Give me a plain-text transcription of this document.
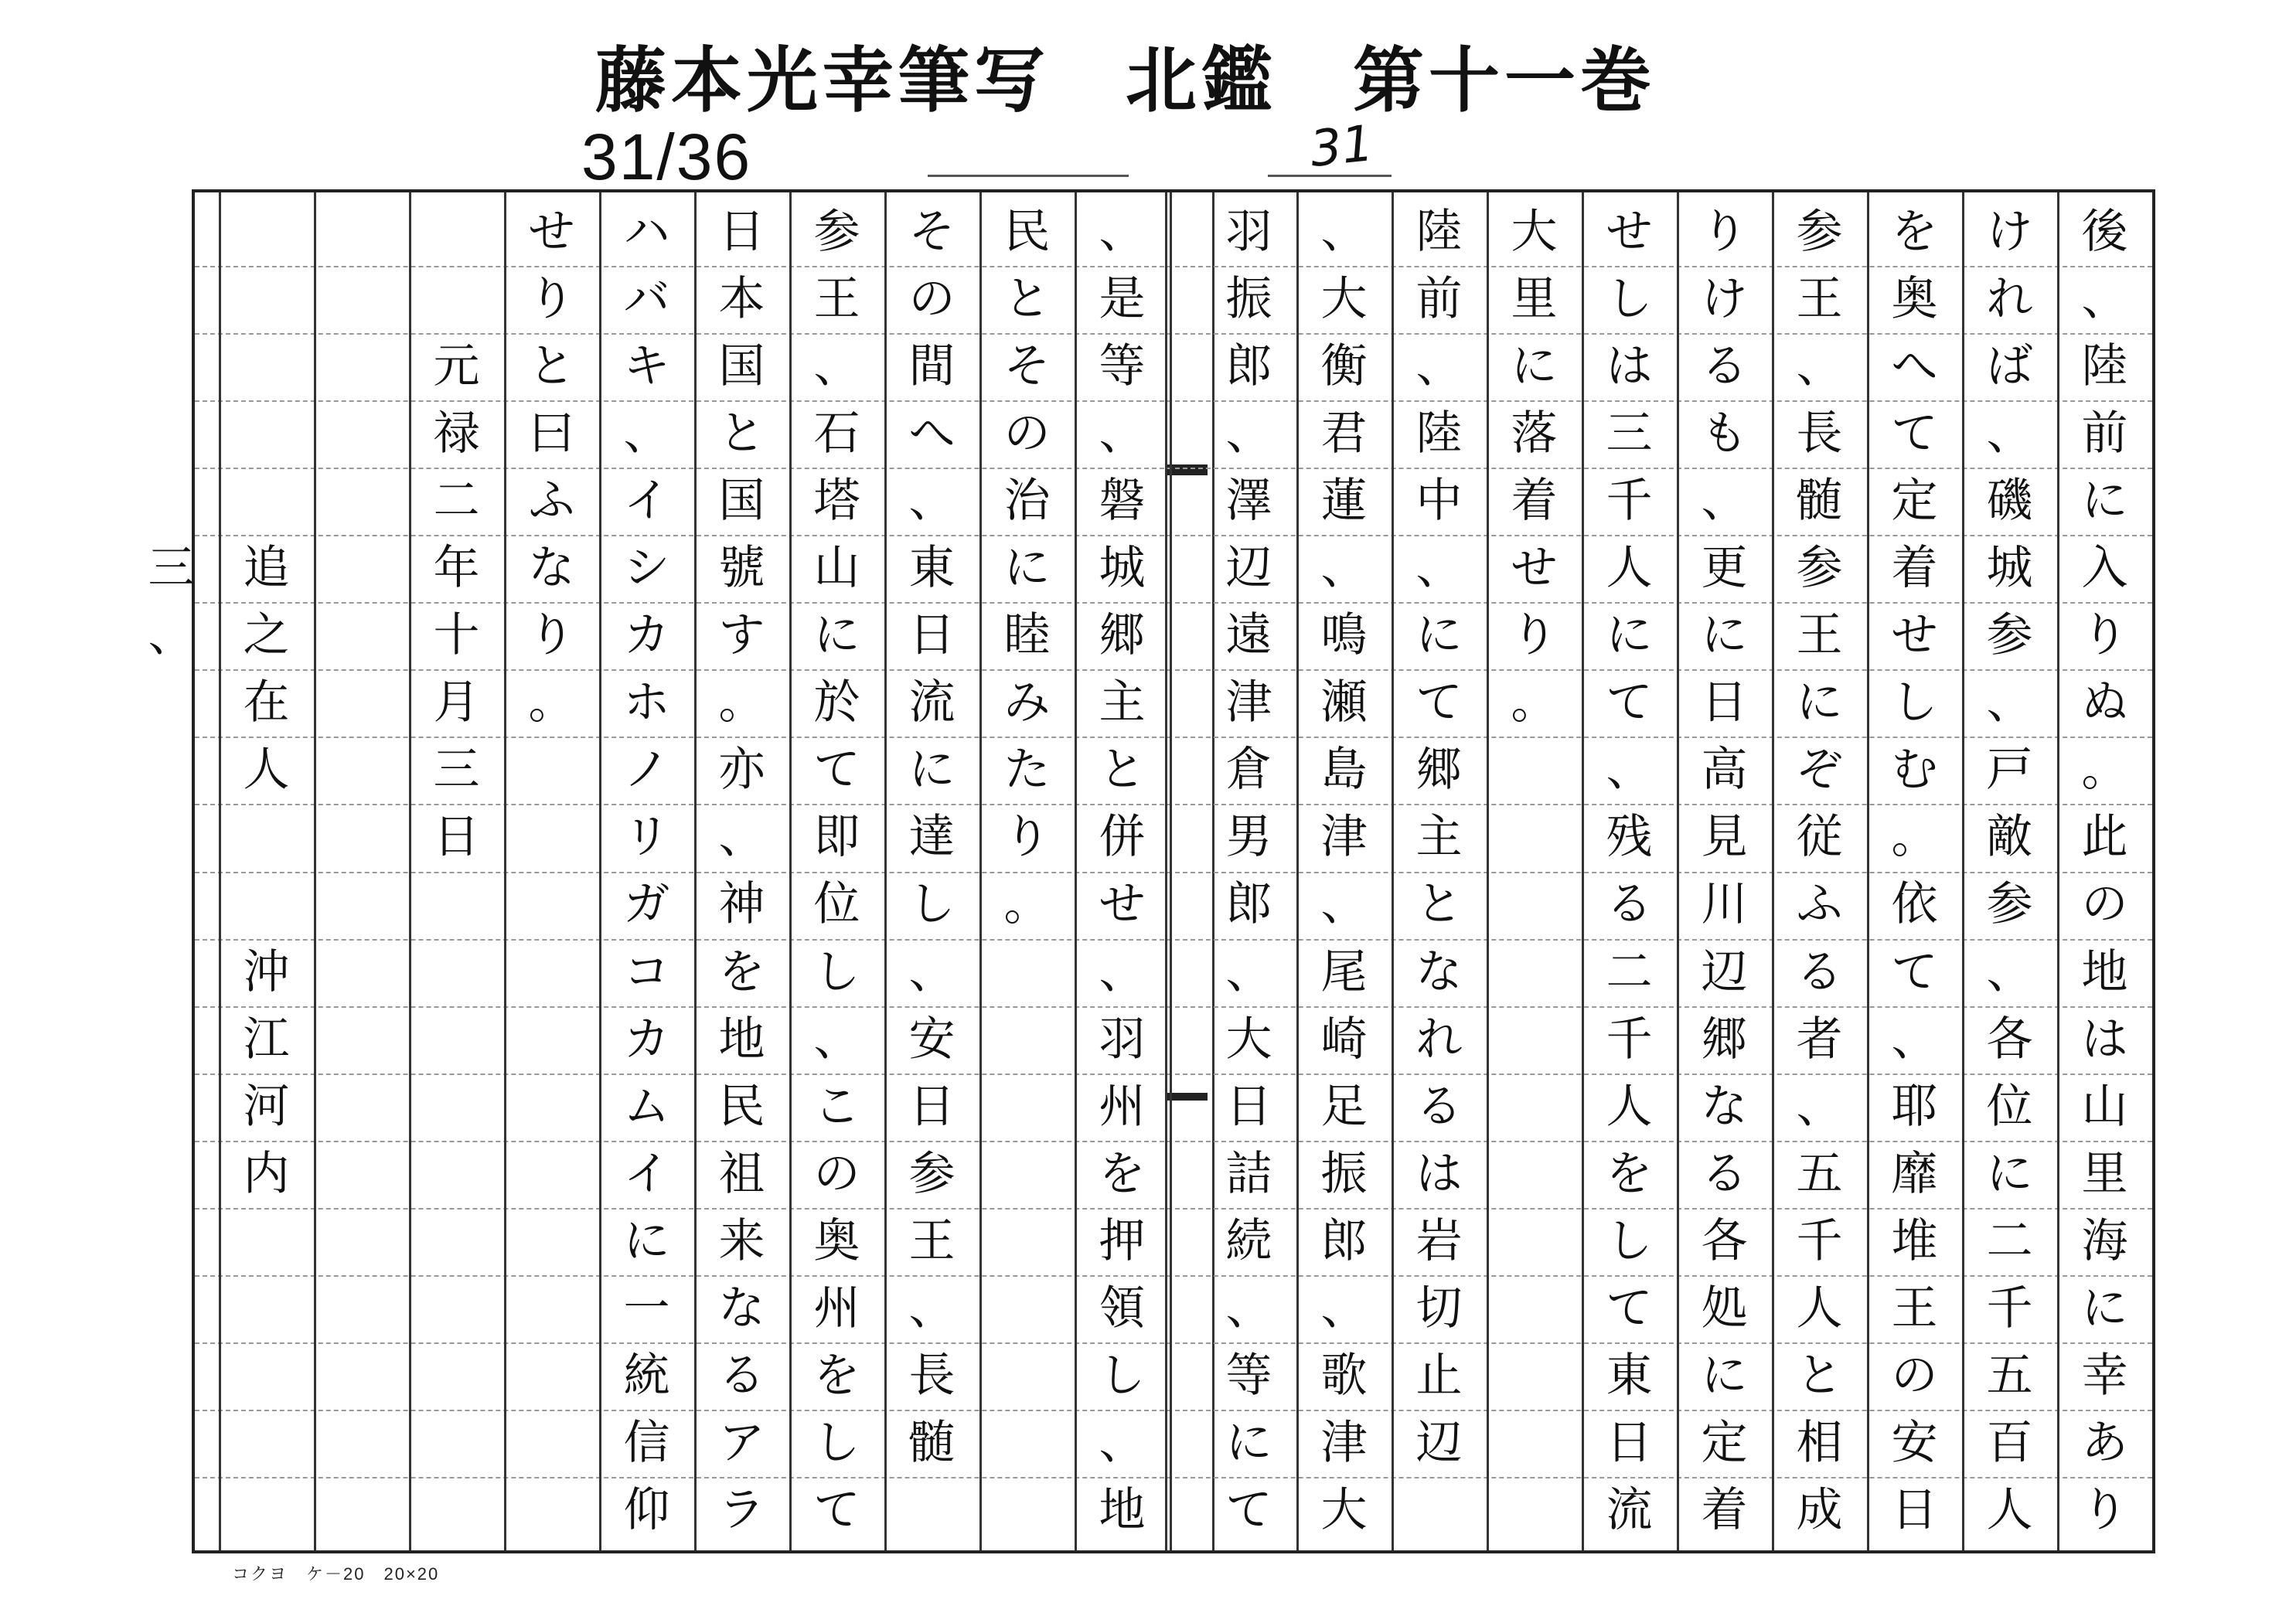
藤本光幸筆写　北鑑　第十一巻
31/36	31
後
、
陸
前
に
入
り
ぬ
。
此
の
地
は
山
里
海
に
幸
あ
り
け
れ
ば
、
磯
城
参
、
戸
敵
参
、
各
位
に
二
千
五
百
人
を
奥
へ
て
定
着
せ
し
む
。
依
て
、
耶
靡
堆
王
の
安
日
参
王
、
長
髄
参
王
に
ぞ
従
ふ
る
者
、
五
千
人
と
相
成
り
け
る
も
、
更
に
日
高
見
川
辺
郷
な
る
各
処
に
定
着
せ
し
は
三
千
人
に
て
、
残
る
二
千
人
を
し
て
東
日
流
大
里
に
落
着
せ
り
。
陸
前
、
陸
中
、
に
て
郷
主
と
な
れ
る
は
岩
切
止
辺
、
大
衡
君
蓮
、
鳴
瀬
島
津
、
尾
崎
足
振
郎
、
歌
津
大
羽
振
郎
、
澤
辺
遠
津
倉
男
郎
、
大
日
詰
続
、
等
に
て
、
是
等
、
磐
城
郷
主
と
併
せ
、
羽
州
を
押
領
し
、
地
民
と
そ
の
治
に
睦
み
た
り
。
そ
の
間
へ
、
東
日
流
に
達
し
、
安
日
参
王
、
長
髄
参
王
、
石
塔
山
に
於
て
即
位
し
、
こ
の
奥
州
を
し
て
日
本
国
と
国
號
す
。
亦
、
神
を
地
民
祖
来
な
る
ア
ラ
ハ
バ
キ
、
イ
シ
カ
ホ
ノ
リ
ガ
コ
カ
ム
イ
に
一
統
信
仰
せ
り
と
曰
ふ
な
り
。
元
禄
二
年
十
月
三
日
追
之
在
人
沖
江
河
内
三
、
コクヨ　ケ－20　20×20
